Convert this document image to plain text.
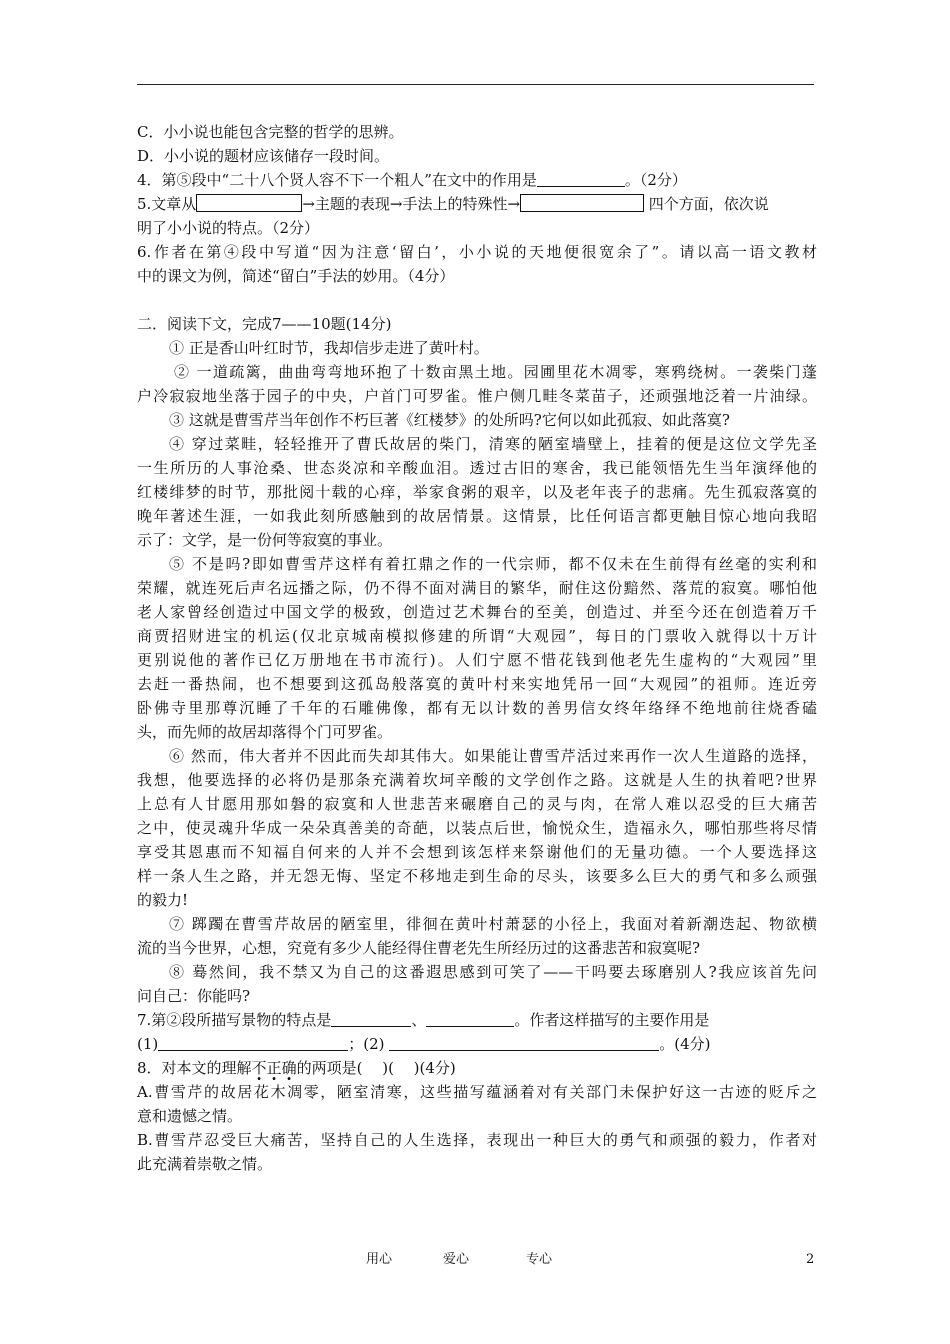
C．小小说也能包含完整的哲学的思辨。
D．小小说的题材应该储存一段时间。
4．第⑤段中“二十八个贤人容不下一个粗人”在文中的作用是	。（2分）
5.文章从	→主题的表现→手法上的特殊性→	四个方面，依次说
明了小小说的特点。（2分）
6.作者在第④段中写道“因为注意‘留白’，小小说的天地便很宽余了”。请以高一语文教材
中的课文为例，简述“留白”手法的妙用。（4分）
二．阅读下文，完成7——10题(14分)
① 正是香山叶红时节，我却信步走进了黄叶村。
② 一道疏篱，曲曲弯弯地环抱了十数亩黑土地。园圃里花木凋零，寒鸦绕树。一袭柴门蓬
户冷寂寂地坐落于园子的中央，户首门可罗雀。惟户侧几畦冬菜苗子，还顽强地泛着一片油绿。
③ 这就是曹雪芹当年创作不朽巨著《红楼梦》的处所吗?它何以如此孤寂、如此落寞?
④ 穿过菜畦，轻轻推开了曹氏故居的柴门，清寒的陋室墙壁上，挂着的便是这位文学先圣
一生所历的人事沧桑、世态炎凉和辛酸血泪。透过古旧的寒舍，我已能领悟先生当年演绎他的
红楼绯梦的时节，那批阅十载的心痒，举家食粥的艰辛，以及老年丧子的悲痛。先生孤寂落寞的
晚年著述生涯，一如我此刻所感触到的故居情景。这情景，比任何语言都更触目惊心地向我昭
示了：文学，是一份何等寂寞的事业。
⑤ 不是吗?即如曹雪芹这样有着扛鼎之作的一代宗师，都不仅未在生前得有丝毫的实利和
荣耀，就连死后声名远播之际，仍不得不面对满目的繁华，耐住这份黯然、落荒的寂寞。哪怕他
老人家曾经创造过中国文学的极致，创造过艺术舞台的至美，创造过、并至今还在创造着万千
商贾招财进宝的机运(仅北京城南模拟修建的所谓“大观园”，每日的门票收入就得以十万计
更别说他的著作已亿万册地在书市流行)。人们宁愿不惜花钱到他老先生虚构的“大观园”里
去赶一番热闹，也不想要到这孤岛般落寞的黄叶村来实地凭吊一回“大观园”的祖师。连近旁
卧佛寺里那尊沉睡了千年的石雕佛像，都有无以计数的善男信女终年络绎不绝地前往烧香磕
头，而先师的故居却落得个门可罗雀。
⑥ 然而，伟大者并不因此而失却其伟大。如果能让曹雪芹活过来再作一次人生道路的选择，
我想，他要选择的必将仍是那条充满着坎坷辛酸的文学创作之路。这就是人生的执着吧?世界
上总有人甘愿用那如磐的寂寞和人世悲苦来碾磨自己的灵与肉，在常人难以忍受的巨大痛苦
之中，使灵魂升华成一朵朵真善美的奇葩，以装点后世，愉悦众生，造福永久，哪怕那些将尽情
享受其恩惠而不知福自何来的人并不会想到该怎样来祭谢他们的无量功德。一个人要选择这
样一条人生之路，并无怨无悔、坚定不移地走到生命的尽头，该要多么巨大的勇气和多么顽强
的毅力!
⑦ 踯躅在曹雪芹故居的陋室里，徘徊在黄叶村萧瑟的小径上，我面对着新潮迭起、物欲横
流的当今世界，心想，究竟有多少人能经得住曹老先生所经历过的这番悲苦和寂寞呢?
⑧ 蓦然间，我不禁又为自己的这番遐思感到可笑了——干吗要去琢磨别人?我应该首先问
问自己：你能吗?
7.第②段所描写景物的特点是	、	。作者这样描写的主要作用是
(1)	；(2)	。(4分)
8．对本文的理解不正确的两项是(　 )(　 )(4分)
A.曹雪芹的故居花木凋零，陋室清寒，这些描写蕴涵着对有关部门未保护好这一古迹的贬斥之
意和遗憾之情。
B.曹雪芹忍受巨大痛苦，坚持自己的人生选择，表现出一种巨大的勇气和顽强的毅力，作者对
此充满着崇敬之情。
用心	爱心	专心	2
